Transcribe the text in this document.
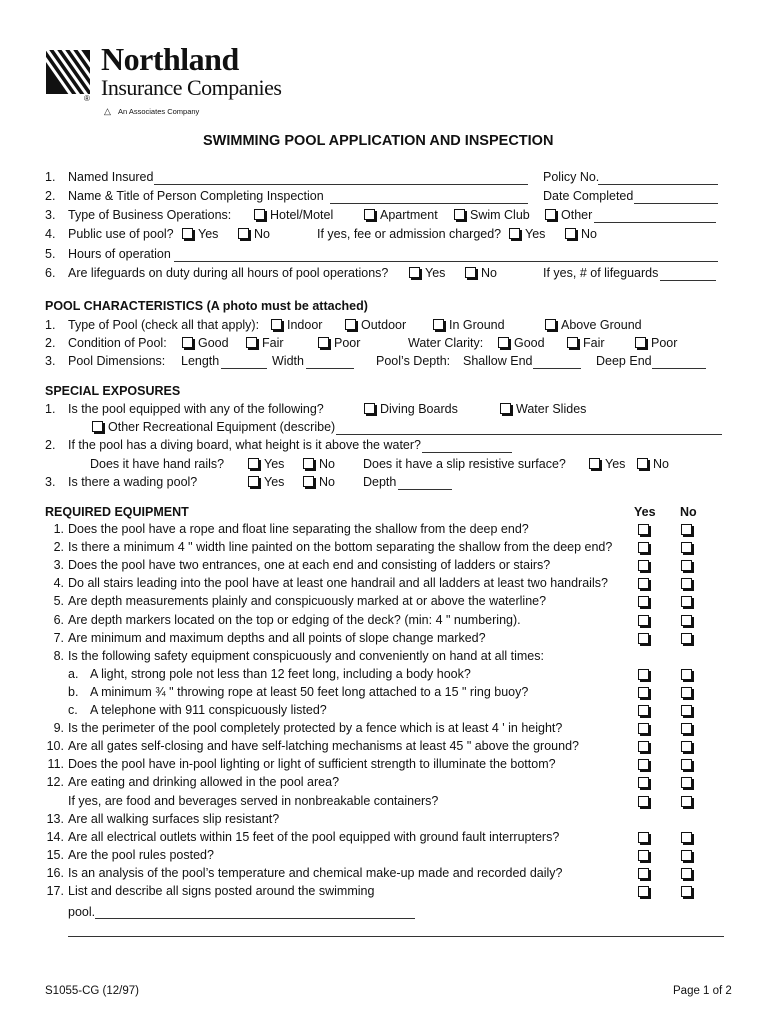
®
Northland
Insurance Companies
△ An Associates Company
SWIMMING POOL APPLICATION AND INSPECTION
1. Named Insured	Policy No.
2. Name & Title of Person Completing Inspection	Date Completed
3. Type of Business Operations:	Hotel/Motel	Apartment	Swim Club	Other
4. Public use of pool?	Yes	No	If yes, fee or admission charged?	Yes	No
5. Hours of operation
6. Are lifeguards on duty during all hours of pool operations?	Yes	No	If yes, # of lifeguards
POOL CHARACTERISTICS (A photo must be attached)
1. Type of Pool (check all that apply):	Indoor	Outdoor	In Ground	Above Ground
2. Condition of Pool:	Good	Fair	Poor	Water Clarity:	Good	Fair	Poor
3. Pool Dimensions: Length	Width	Pool’s Depth: Shallow End	Deep End
SPECIAL EXPOSURES
1. Is the pool equipped with any of the following?	Diving Boards	Water Slides
Other Recreational Equipment (describe)
2. If the pool has a diving board, what height is it above the water?
Does it have hand rails?	Yes	No Does it have a slip resistive surface?	Yes	No
3. Is there a wading pool?	Yes	No Depth
REQUIRED EQUIPMENT	Yes No
1. Does the pool have a rope and float line separating the shallow from the deep end?
2. Is there a minimum 4 " width line painted on the bottom separating the shallow from the deep end?
3. Does the pool have two entrances, one at each end and consisting of ladders or stairs?
4. Do all stairs leading into the pool have at least one handrail and all ladders at least two handrails?
5. Are depth measurements plainly and conspicuously marked at or above the waterline?
6. Are depth markers located on the top or edging of the deck? (min: 4 " numbering).
7. Are minimum and maximum depths and all points of slope change marked?
8. Is the following safety equipment conspicuously and conveniently on hand at all times:
a. A light, strong pole not less than 12 feet long, including a body hook?
b. A minimum ¾ " throwing rope at least 50 feet long attached to a 15 " ring buoy?
c. A telephone with 911 conspicuously listed?
9. Is the perimeter of the pool completely protected by a fence which is at least 4 ' in height?
10. Are all gates self-closing and have self-latching mechanisms at least 45 " above the ground?
11. Does the pool have in-pool lighting or light of sufficient strength to illuminate the bottom?
12. Are eating and drinking allowed in the pool area?
If yes, are food and beverages served in nonbreakable containers?
13. Are all walking surfaces slip resistant?
14. Are all electrical outlets within 15 feet of the pool equipped with ground fault interrupters?
15. Are the pool rules posted?
16. Is an analysis of the pool’s temperature and chemical make-up made and recorded daily?
17. List and describe all signs posted around the swimming
pool.
S1055-CG (12/97)	Page 1 of 2
